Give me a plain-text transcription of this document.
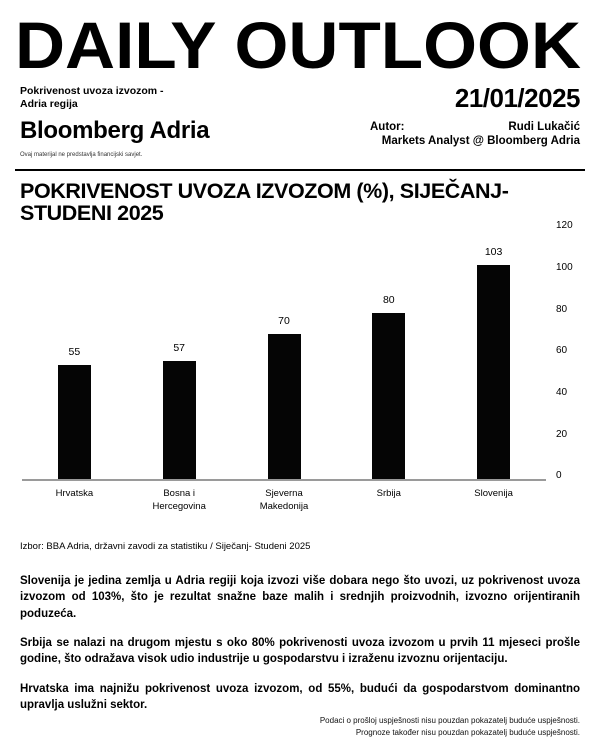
DAILY OUTLOOK
Pokrivenost uvoza izvozom -
Adria regija
Bloomberg Adria
Ovaj materijal ne predstavlja financijski savjet.
21/01/2025
Autor:	Rudi Lukačić
Markets Analyst @ Bloomberg Adria
POKRIVENOST UVOZA IZVOZOM (%), SIJEČANJ-
STUDENI 2025
55	57
70
80
103
Hrvatska	Bosna i Hercegovina
Sjeverna Makedonija
Srbija	Slovenija
0
20
40
60
80
100
120
Izbor: BBA Adria, državni zavodi za statistiku / Siječanj- Studeni 2025

Slovenija je jedina zemlja u Adria regiji koja izvozi više dobara nego što uvozi, uz pokrivenost uvoza izvozom od 103%, što je rezultat snažne baze malih i srednjih proizvodnih, izvozno orijentiranih poduzeća.

Srbija se nalazi na drugom mjestu s oko 80% pokrivenosti uvoza izvozom u prvih 11 mjeseci prošle godine, što odražava visok udio industrije u gospodarstvu i izraženu izvoznu orijentaciju.

Hrvatska ima najnižu pokrivenost uvoza izvozom, od 55%, budući da gospodarstvom dominantno upravlja uslužni sektor.

Podaci o prošloj uspješnosti nisu pouzdan pokazatelj buduće uspješnosti.
Prognoze također nisu pouzdan pokazatelj buduće uspješnosti.
